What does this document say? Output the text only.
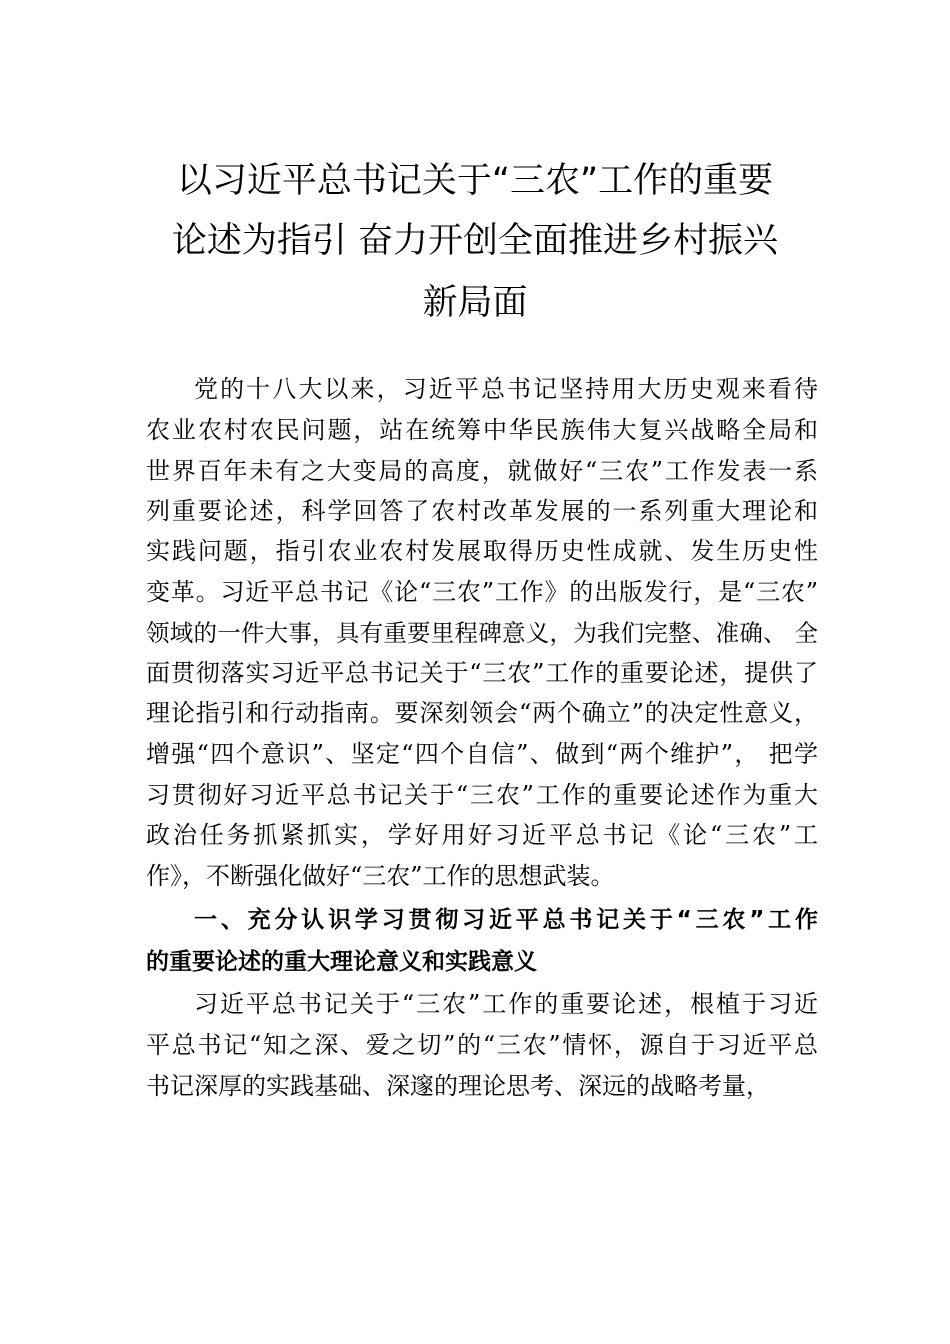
以习近平总书记关于“三农”工作的重要
论述为指引 奋力开创全面推进乡村振兴
新局面
党的十八大以来，习近平总书记坚持用大历史观来看待
农业农村农民问题，站在统筹中华民族伟大复兴战略全局和
世界百年未有之大变局的高度，就做好“三农”工作发表一系
列重要论述，科学回答了农村改革发展的一系列重大理论和
实践问题，指引农业农村发展取得历史性成就、发生历史性
变革。习近平总书记《论“三农”工作》的出版发行，是“三农”
领域的一件大事，具有重要里程碑意义，为我们完整、准确、 全
面贯彻落实习近平总书记关于“三农”工作的重要论述，提供了
理论指引和行动指南。要深刻领会“两个确立”的决定性意义，
增强“四个意识”、坚定“四个自信”、做到“两个维护”， 把学
习贯彻好习近平总书记关于“三农”工作的重要论述作为重大
政治任务抓紧抓实，学好用好习近平总书记《论“三农”工
作》，不断强化做好“三农”工作的思想武装。
一、充分认识学习贯彻习近平总书记关于“三农”工作
的重要论述的重大理论意义和实践意义
习近平总书记关于“三农”工作的重要论述，根植于习近
平总书记“知之深、爱之切”的“三农”情怀，源自于习近平总
书记深厚的实践基础、深邃的理论思考、深远的战略考量，
